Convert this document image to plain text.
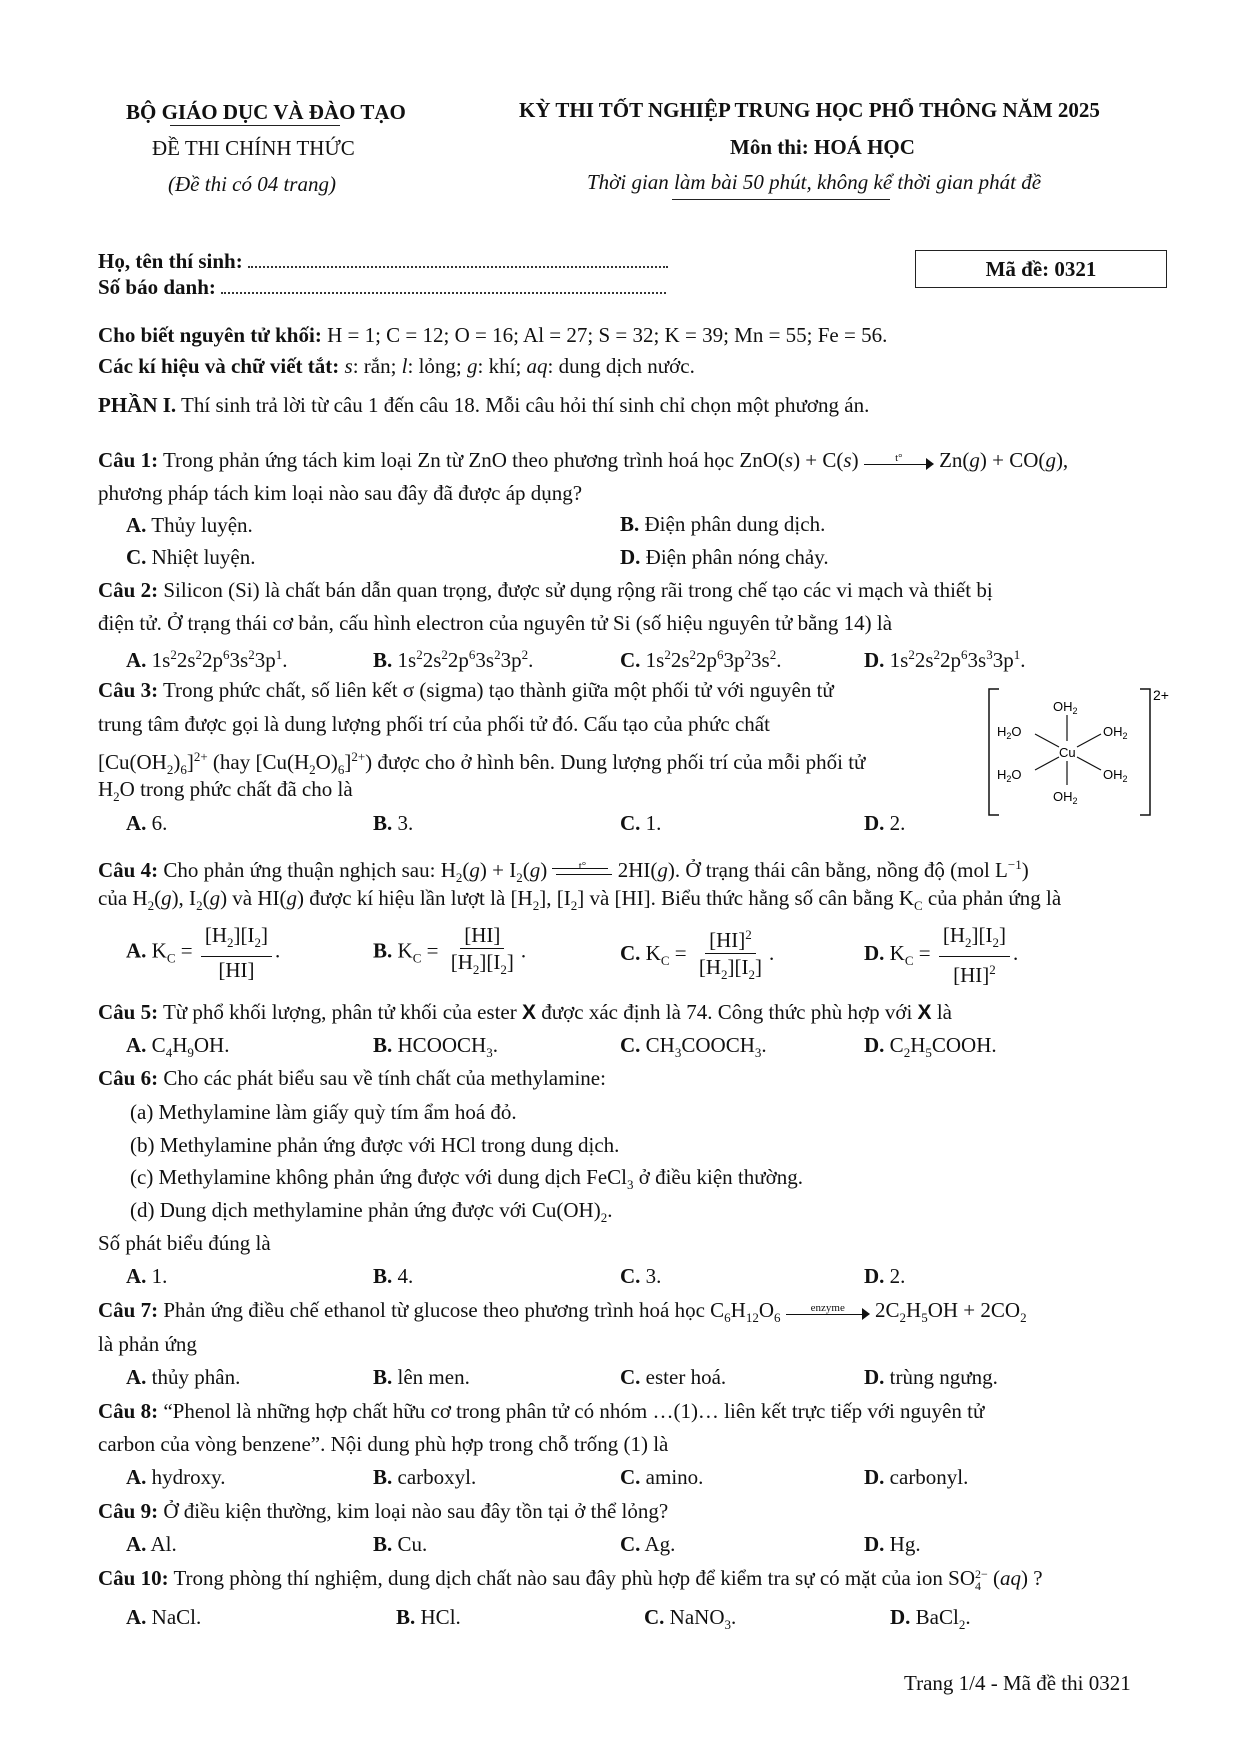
BỘ GIÁO DỤC VÀ ĐÀO TẠO
ĐỀ THI CHÍNH THỨC
(Đề thi có 04 trang)
KỲ THI TỐT NGHIỆP TRUNG HỌC PHỔ THÔNG NĂM 2025
Môn thi: HOÁ HỌC
Thời gian làm bài 50 phút, không kể thời gian phát đề
Họ, tên thí sinh:
Số báo danh:
Mã đề: 0321
Cho biết nguyên tử khối: H = 1; C = 12; O = 16; Al = 27; S = 32; K = 39; Mn = 55; Fe = 56.
Các kí hiệu và chữ viết tắt: s: rắn; l: lỏng; g: khí; aq: dung dịch nước.
PHẦN I. Thí sinh trả lời từ câu 1 đến câu 18. Mỗi câu hỏi thí sinh chỉ chọn một phương án.
Câu 1: Trong phản ứng tách kim loại Zn từ ZnO theo phương trình hoá học ZnO(s) + C(s)	t°	Zn(g) + CO(g),
phương pháp tách kim loại nào sau đây đã được áp dụng?
A. Thủy luyện.	B. Điện phân dung dịch.
C. Nhiệt luyện.	D. Điện phân nóng chảy.
Câu 2: Silicon (Si) là chất bán dẫn quan trọng, được sử dụng rộng rãi trong chế tạo các vi mạch và thiết bị
điện tử. Ở trạng thái cơ bản, cấu hình electron của nguyên tử Si (số hiệu nguyên tử bằng 14) là
A. $1s^22s^22p^63s^23p^1$.	B. $1s^22s^22p^63s^23p^2$.	C. $1s^22s^22p^63p^23s^2$.	D. $1s^22s^22p^63s^33p^1$.
Câu 3: Trong phức chất, số liên kết σ (sigma) tạo thành giữa một phối tử với nguyên tử
trung tâm được gọi là dung lượng phối trí của phối tử đó. Cấu tạo của phức chất
$[Cu(OH_2)_6]^{2+}$ (hay $[Cu(H_2O)_6]^{2+}$) được cho ở hình bên. Dung lượng phối trí của mỗi phối tử
$H_2O$ trong phức chất đã cho là
A. 6.	B. 3.	C. 1.	D. 2.
2+
Cu
$OH_2$
$OH_2$
$H_2O$
$H_2O$
$OH_2$
$OH_2$
Câu 4: Cho phản ứng thuận nghịch sau: $H_2(g) + I_2(g)$	t°	2HI(g). Ở trạng thái cân bằng, nồng độ (mol $L^{-1}$)
của $H_2(g)$, $I_2(g)$ và HI(g) được kí hiệu lần lượt là $[H_2]$, $[I_2]$ và [HI]. Biểu thức hằng số cân bằng $K_C$ của phản ứng là
A. $K_C = \frac{[H_2][I_2]}{[HI]}$ .	B. $K_C = \frac{[HI]}{[H_2][I_2]}$ .	C. $K_C = \frac{[HI]^2}{[H_2][I_2]}$ .	D. $K_C = \frac{[H_2][I_2]}{[HI]^2}$ .
Câu 5: Từ phổ khối lượng, phân tử khối của ester X được xác định là 74. Công thức phù hợp với X là
A. $C_4H_9OH$.	B. $HCOOCH_3$.	C. $CH_3COOCH_3$.	D. $C_2H_5COOH$.
Câu 6: Cho các phát biểu sau về tính chất của methylamine:
(a) Methylamine làm giấy quỳ tím ẩm hoá đỏ.
(b) Methylamine phản ứng được với HCl trong dung dịch.
(c) Methylamine không phản ứng được với dung dịch FeCl$_3$ ở điều kiện thường.
(d) Dung dịch methylamine phản ứng được với $Cu(OH)_2$.
Số phát biểu đúng là
A. 1.	B. 4.	C. 3.	D. 2.
Câu 7: Phản ứng điều chế ethanol từ glucose theo phương trình hoá học $C_6H_{12}O_6$
enzyme	$2C_2H_5OH + 2CO_2$
là phản ứng
A. thủy phân.	B. lên men.	C. ester hoá.	D. trùng ngưng.
Câu 8: “Phenol là những hợp chất hữu cơ trong phân tử có nhóm …(1)… liên kết trực tiếp với nguyên tử
carbon của vòng benzene”. Nội dung phù hợp trong chỗ trống (1) là
A. hydroxy.	B. carboxyl.	C. amino.	D. carbonyl.
Câu 9: Ở điều kiện thường, kim loại nào sau đây tồn tại ở thể lỏng?
A. Al.	B. Cu.	C. Ag.	D. Hg.
Câu 10: Trong phòng thí nghiệm, dung dịch chất nào sau đây phù hợp để kiểm tra sự có mặt của ion SO 2−
4 (aq) ?
A. NaCl.	B. HCl.	C. NaNO$_3$.	D. BaCl$_2$.
Trang 1/4 - Mã đề thi 0321
